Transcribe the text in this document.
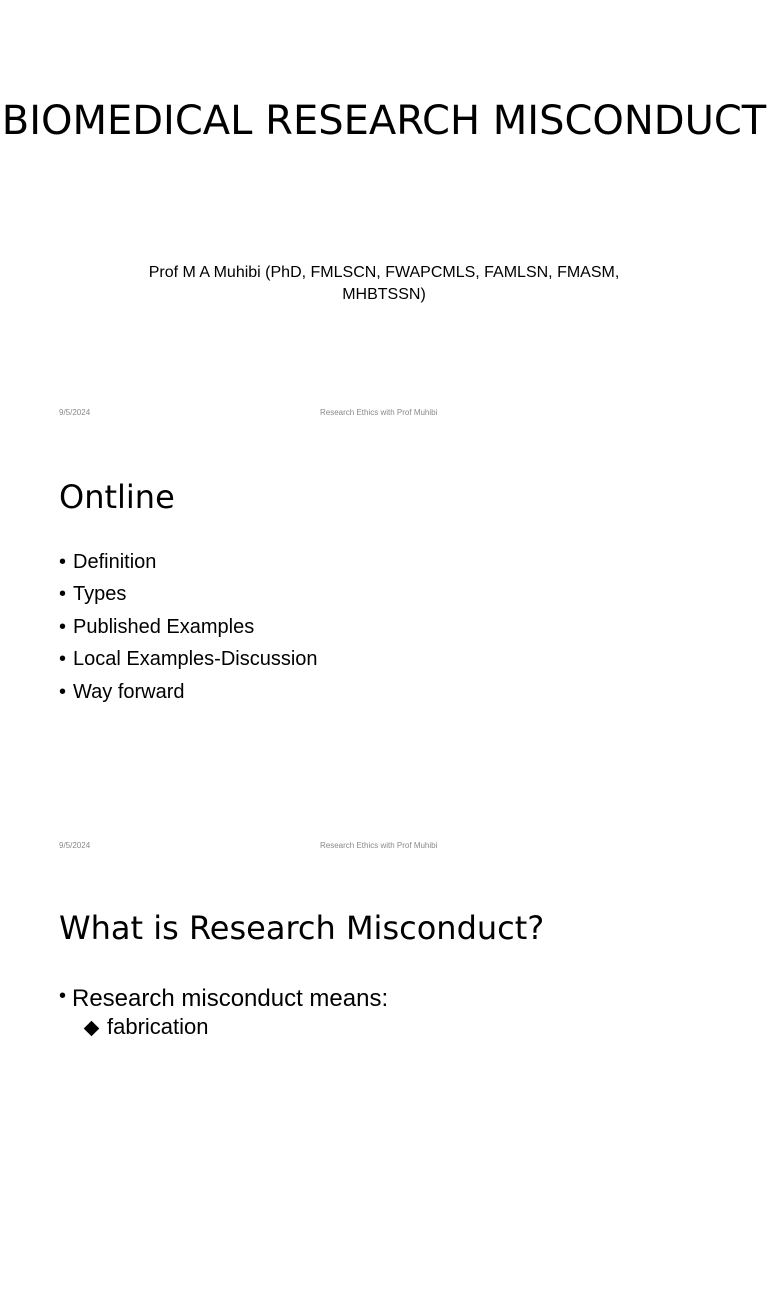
BIOMEDICAL RESEARCH MISCONDUCT
Prof M A Muhibi (PhD, FMLSCN, FWAPCMLS, FAMLSN, FMASM, MHBTSSN)
9/5/2024	Research Ethics with Prof Muhibi
Ontline
• Definition
• Types
• Published Examples
• Local Examples-Discussion
• Way forward
9/5/2024	Research Ethics with Prof Muhibi
What is Research Misconduct?
• Research misconduct means:
fabrication
